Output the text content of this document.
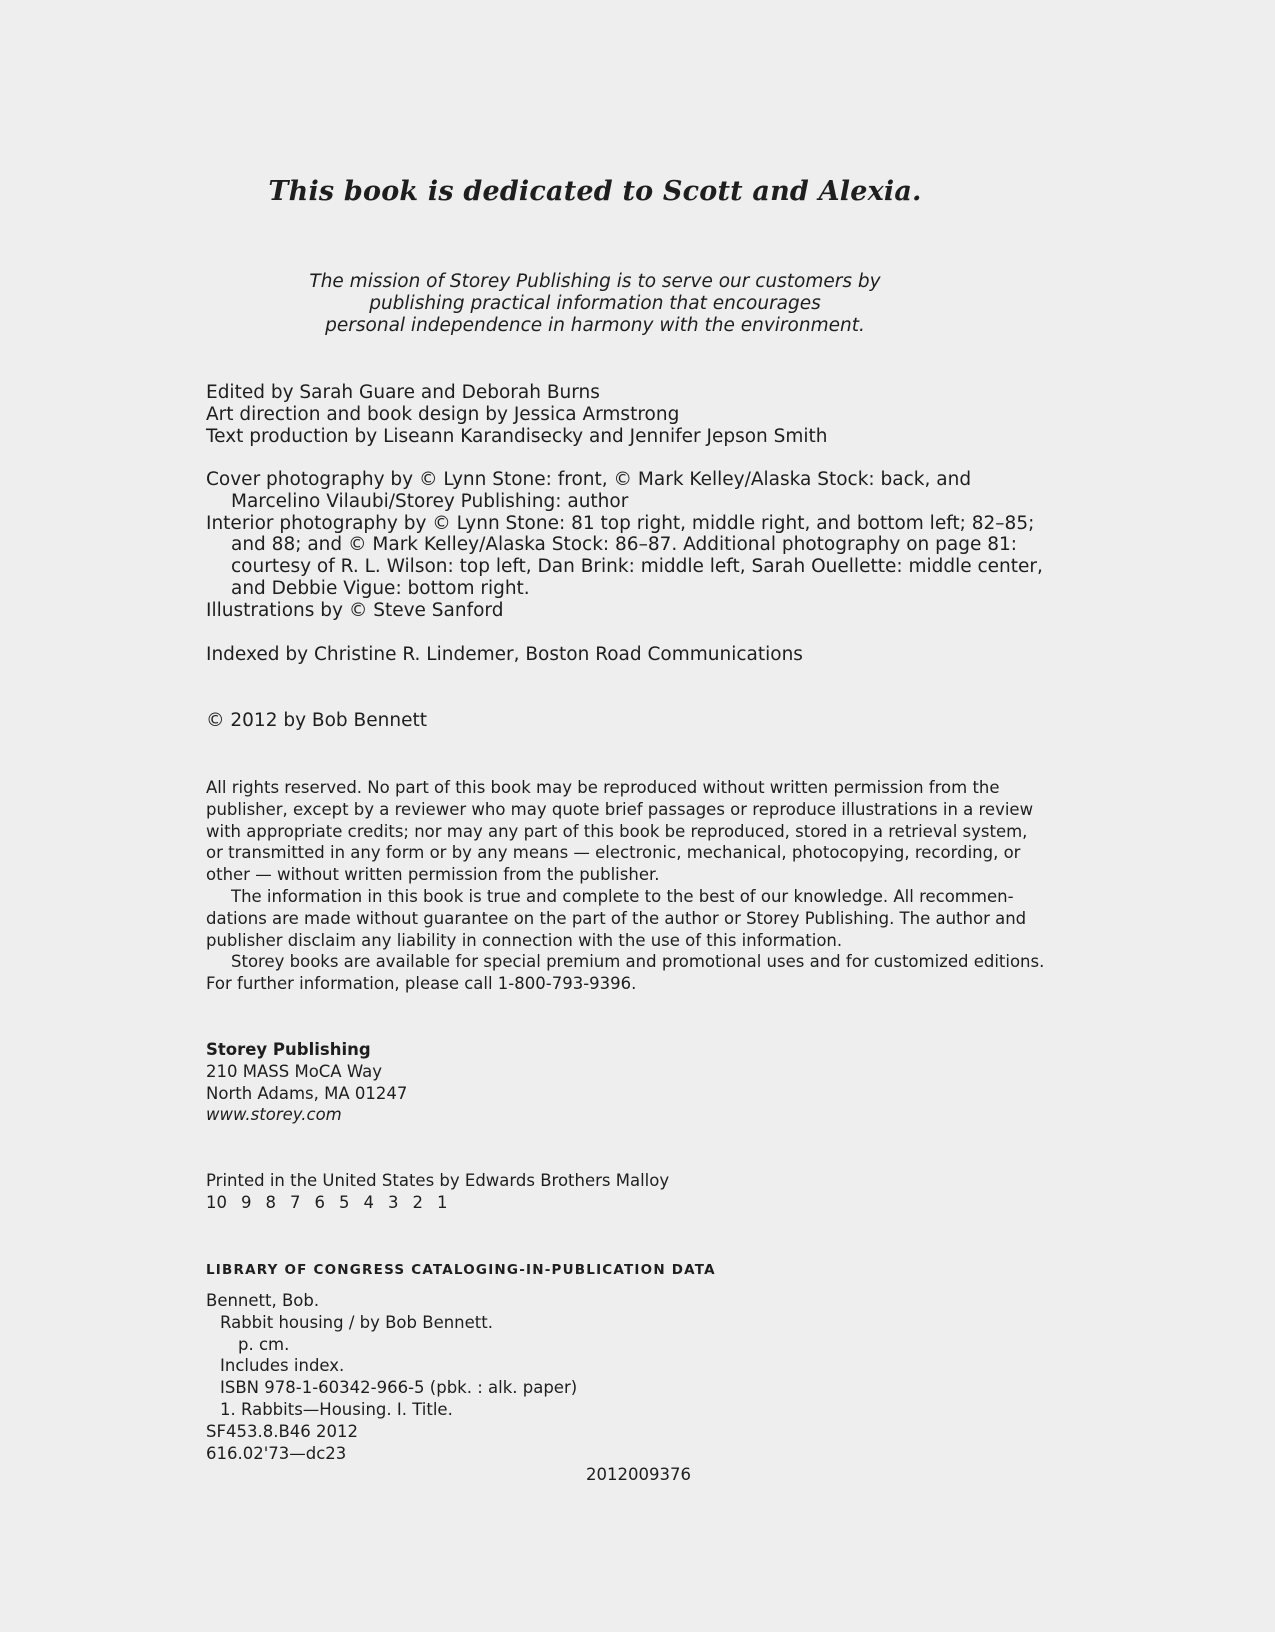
This book is dedicated to Scott and Alexia.

The mission of Storey Publishing is to serve our customers by
publishing practical information that encourages
personal independence in harmony with the environment.

Edited by Sarah Guare and Deborah Burns
Art direction and book design by Jessica Armstrong
Text production by Liseann Karandisecky and Jennifer Jepson Smith
Cover photography by © Lynn Stone: front, © Mark Kelley/Alaska Stock: back, and
Marcelino Vilaubi/Storey Publishing: author
Interior photography by © Lynn Stone: 81 top right, middle right, and bottom left; 82–85;
and 88; and © Mark Kelley/Alaska Stock: 86–87. Additional photography on page 81:
courtesy of R. L. Wilson: top left, Dan Brink: middle left, Sarah Ouellette: middle center,
and Debbie Vigue: bottom right.
Illustrations by © Steve Sanford
Indexed by Christine R. Lindemer, Boston Road Communications
© 2012 by Bob Bennett
All rights reserved. No part of this book may be reproduced without written permission from the
publisher, except by a reviewer who may quote brief passages or reproduce illustrations in a review
with appropriate credits; nor may any part of this book be reproduced, stored in a retrieval system,
or transmitted in any form or by any means — electronic, mechanical, photocopying, recording, or
other — without written permission from the publisher.
The information in this book is true and complete to the best of our knowledge. All recommen-
dations are made without guarantee on the part of the author or Storey Publishing. The author and
publisher disclaim any liability in connection with the use of this information.
Storey books are available for special premium and promotional uses and for customized editions.
For further information, please call 1-800-793-9396.
Storey Publishing
210 MASS MoCA Way
North Adams, MA 01247
www.storey.com
Printed in the United States by Edwards Brothers Malloy
10 9 8 7 6 5 4 3 2 1
LIBRARY OF CONGRESS CATALOGING-IN-PUBLICATION DATA
Bennett, Bob.
Rabbit housing / by Bob Bennett.
p. cm.
Includes index.
ISBN 978-1-60342-966-5 (pbk. : alk. paper)
1. Rabbits—Housing. I. Title.
SF453.8.B46 2012
616.02'73—dc23
2012009376
